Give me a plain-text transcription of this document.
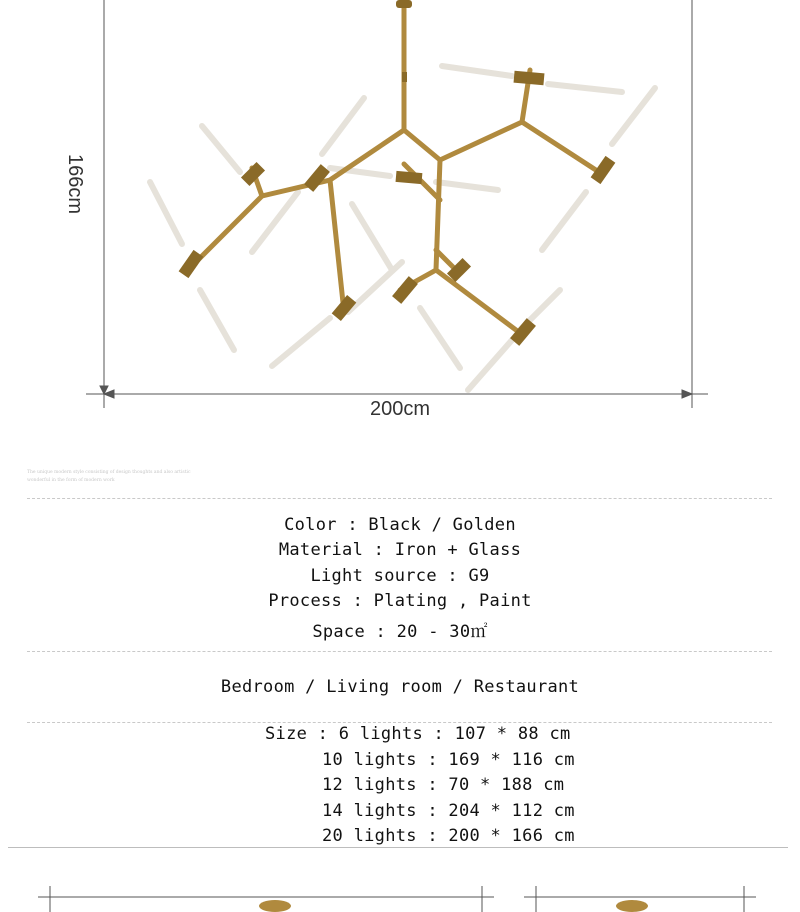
166cm
200cm
The unique modern style consisting of design thoughts and also artistic wonderful in the form of modern work
Color : Black / Golden
Material : Iron + Glass
Light source : G9
Process : Plating , Paint
Space : 20 - 30㎡
Bedroom / Living room / Restaurant
Size : 6 lights : 107 * 88 cm
10 lights : 169 * 116 cm
12 lights : 70 * 188 cm
14 lights : 204 * 112 cm
20 lights : 200 * 166 cm
